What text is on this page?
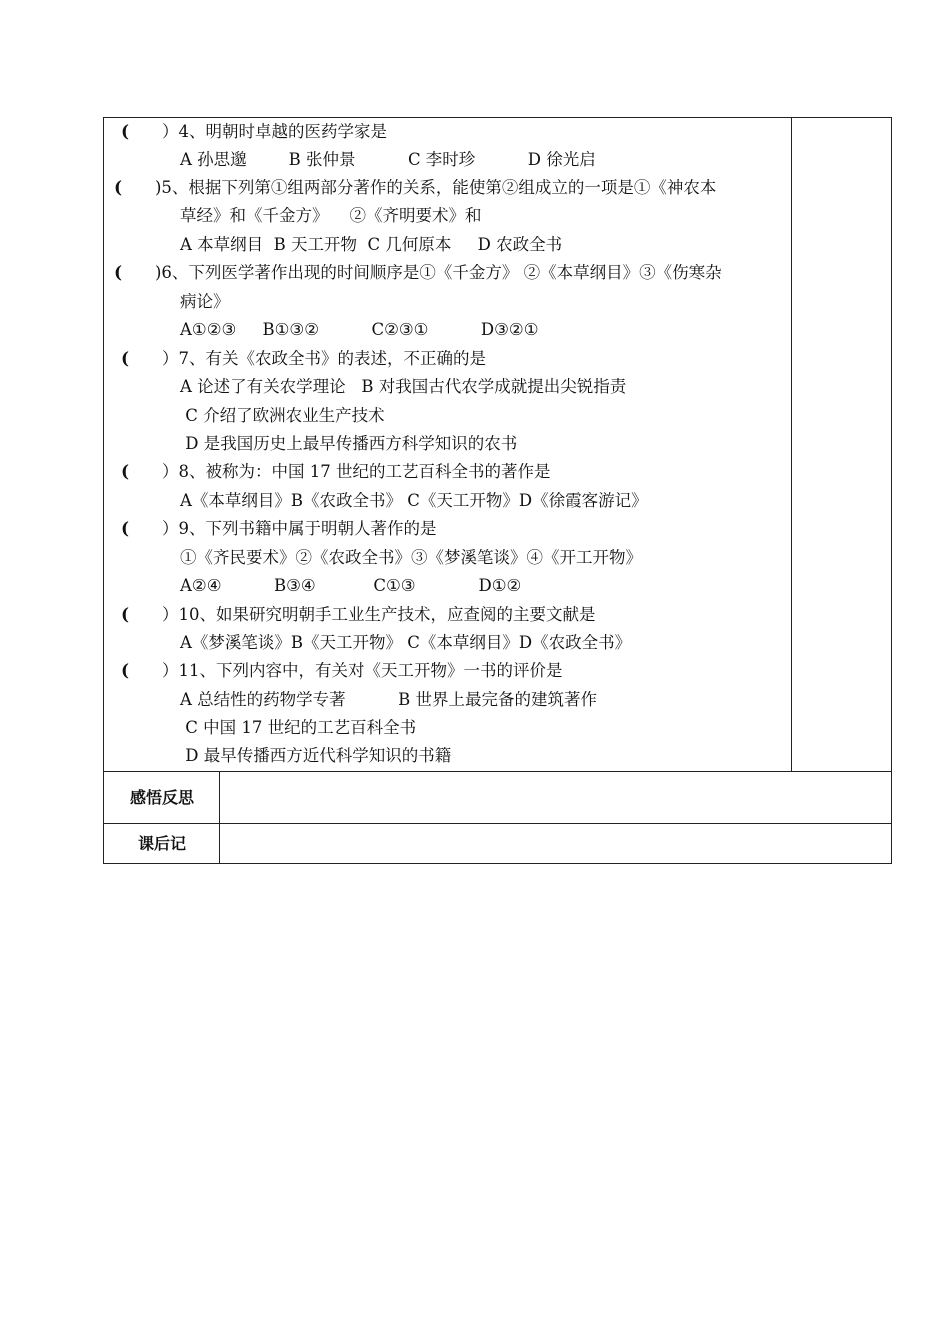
( ）4、明朝时卓越的医药学家是
A 孙思邈        B 张仲景          C 李时珍          D 徐光启
( )5、根据下列第①组两部分著作的关系，能使第②组成立的一项是①《神农本
草经》和《千金方》    ②《齐明要术》和
A 本草纲目  B 天工开物  C 几何原本     D 农政全书
( )6、下列医学著作出现的时间顺序是①《千金方》 ②《本草纲目》③《伤寒杂
病论》
A①②③     B①③②          C②③①          D③②①
( ）7、有关《农政全书》的表述，不正确的是
A 论述了有关农学理论   B 对我国古代农学成就提出尖锐指责
C 介绍了欧洲农业生产技术
D 是我国历史上最早传播西方科学知识的农书
( ）8、被称为：中国 17 世纪的工艺百科全书的著作是
A《本草纲目》B《农政全书》 C《天工开物》D《徐霞客游记》
( ）9、下列书籍中属于明朝人著作的是
①《齐民要术》②《农政全书》③《梦溪笔谈》④《开工开物》
A②④          B③④           C①③            D①②
( ）10、如果研究明朝手工业生产技术，应查阅的主要文献是
A《梦溪笔谈》B《天工开物》 C《本草纲目》D《农政全书》
( ）11、下列内容中，有关对《天工开物》一书的评价是
A 总结性的药物学专著          B 世界上最完备的建筑著作
C 中国 17 世纪的工艺百科全书
D 最早传播西方近代科学知识的书籍
感悟反思
课后记
